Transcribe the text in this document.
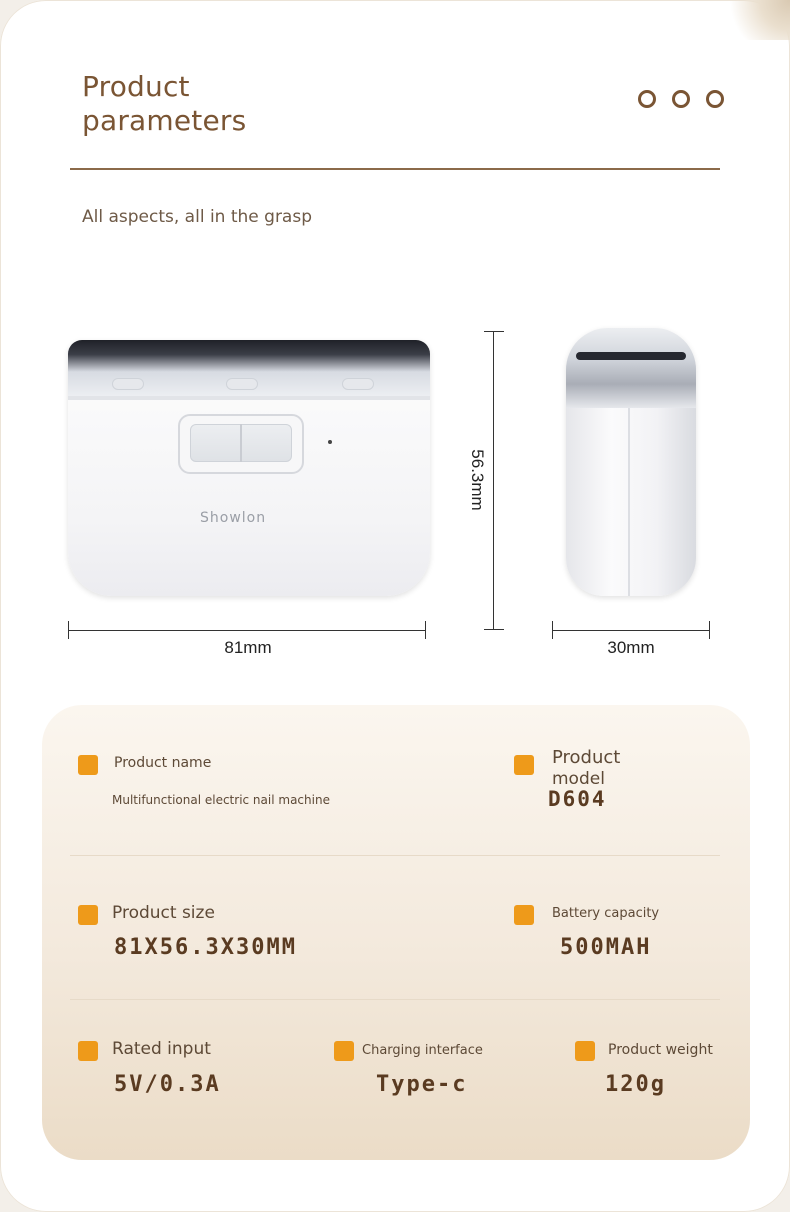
Product parameters
All aspects, all in the grasp
Showlon
56.3mm
81mm	30mm
Product name
Multifunctional electric nail machine
Product
model
D604
Product size
81X56.3X30MM
Battery capacity
500MAH
Rated input
5V/0.3A
Charging interface
Type-c
Product weight
120g
